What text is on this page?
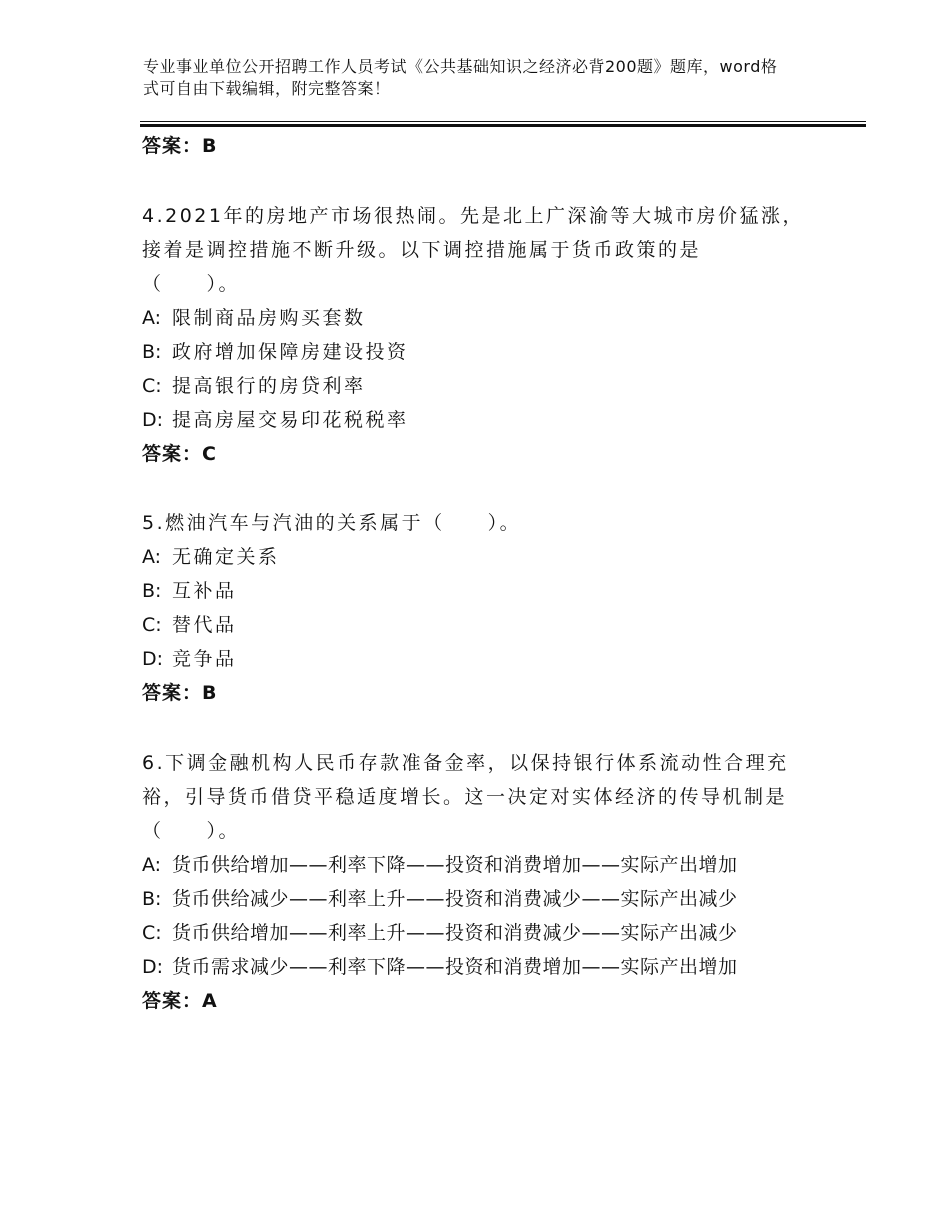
专业事业单位公开招聘工作人员考试《公共基础知识之经济必背200题》题库，word格式可自由下载编辑，附完整答案！
答案：B
4.2021年的房地产市场很热闹。先是北上广深渝等大城市房价猛涨，
接着是调控措施不断升级。以下调控措施属于货币政策的是
（　　）。
A: 限制商品房购买套数
B: 政府增加保障房建设投资
C: 提高银行的房贷利率
D: 提高房屋交易印花税税率
答案：C
5.燃油汽车与汽油的关系属于（　　）。
A: 无确定关系
B: 互补品
C: 替代品
D: 竞争品
答案：B
6.下调金融机构人民币存款准备金率，以保持银行体系流动性合理充
裕，引导货币借贷平稳适度增长。这一决定对实体经济的传导机制是
（　　）。
A: 货币供给增加——利率下降——投资和消费增加——实际产出增加
B: 货币供给减少——利率上升——投资和消费减少——实际产出减少
C: 货币供给增加——利率上升——投资和消费减少——实际产出减少
D: 货币需求减少——利率下降——投资和消费增加——实际产出增加
答案：A
